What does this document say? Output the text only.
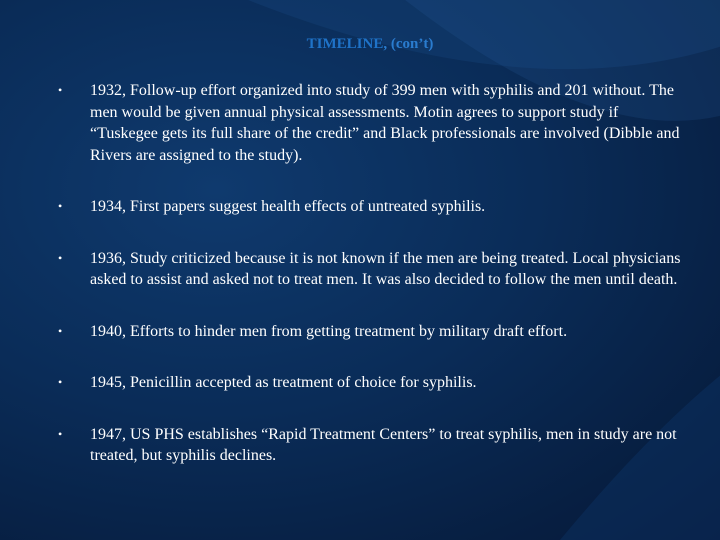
TIMELINE, (con’t)
• 1932, Follow-up effort organized into study of 399 men with syphilis and 201 without. The men would be given annual physical assessments. Motin agrees to support study if “Tuskegee gets its full share of the credit” and Black professionals are involved (Dibble and Rivers are assigned to the study).
• 1934, First papers suggest health effects of untreated syphilis.
• 1936, Study criticized because it is not known if the men are being treated. Local physicians asked to assist and asked not to treat men. It was also decided to follow the men until death.
• 1940, Efforts to hinder men from getting treatment by military draft effort.
• 1945, Penicillin accepted as treatment of choice for syphilis.
• 1947, US PHS establishes “Rapid Treatment Centers” to treat syphilis, men in study are not treated, but syphilis declines.
